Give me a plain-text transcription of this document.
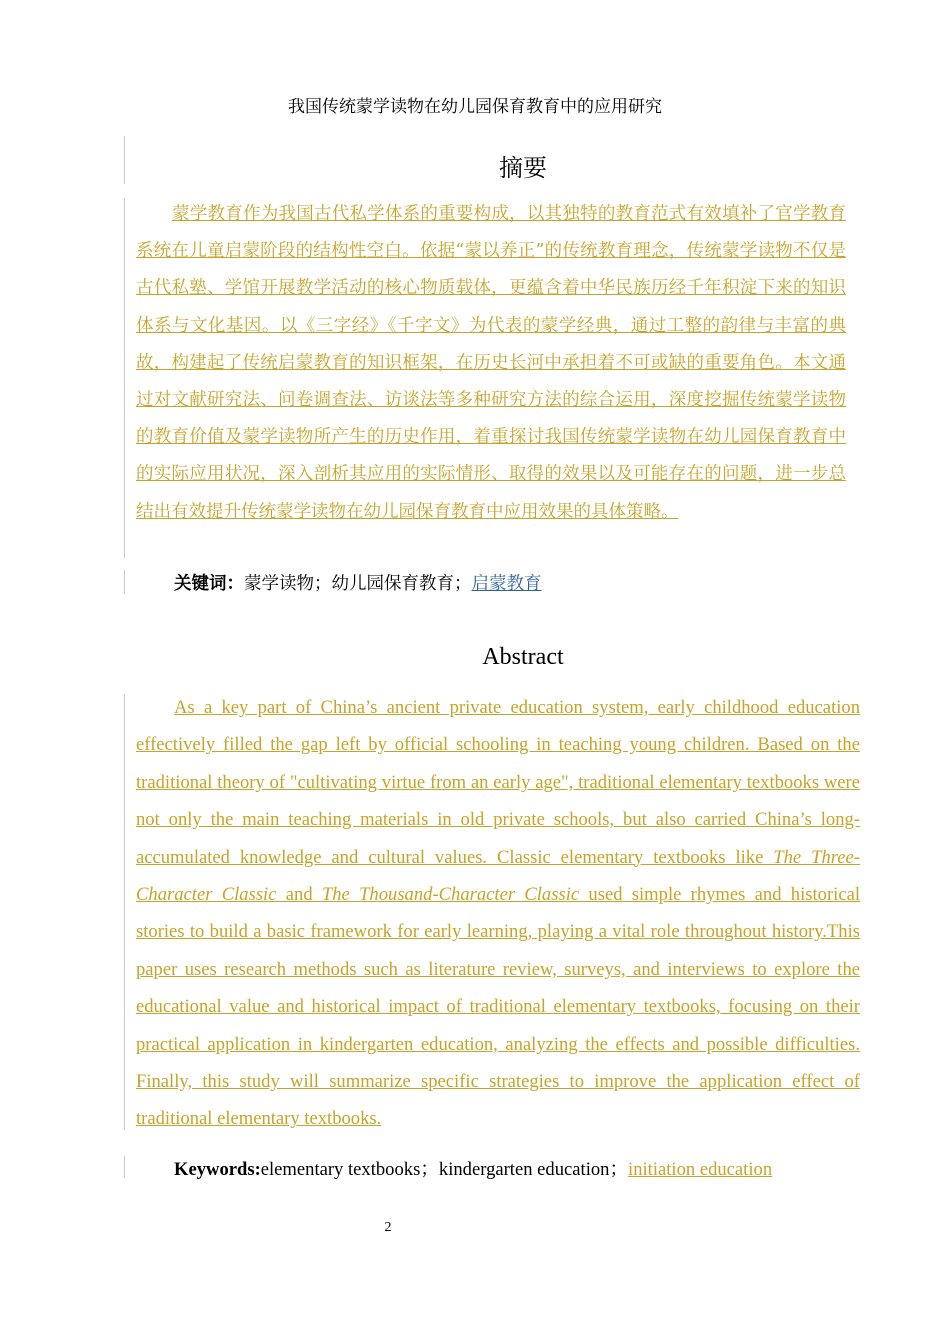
我国传统蒙学读物在幼儿园保育教育中的应用研究
摘要

蒙学教育作为我国古代私学体系的重要构成，以其独特的教育范式有效填补了官学教育系统在儿童启蒙阶段的结构性空白。依据“蒙以养正”的传统教育理念，传统蒙学读物不仅是古代私塾、学馆开展教学活动的核心物质载体，更蕴含着中华民族历经千年积淀下来的知识体系与文化基因。以《三字经》《千字文》为代表的蒙学经典，通过工整的韵律与丰富的典故，构建起了传统启蒙教育的知识框架，在历史长河中承担着不可或缺的重要角色。本文通过对文献研究法、问卷调查法、访谈法等多种研究方法的综合运用，深度挖掘传统蒙学读物的教育价值及蒙学读物所产生的历史作用，着重探讨我国传统蒙学读物在幼儿园保育教育中的实际应用状况，深入剖析其应用的实际情形、取得的效果以及可能存在的问题，进一步总结出有效提升传统蒙学读物在幼儿园保育教育中应用效果的具体策略。

关键词：蒙学读物；幼儿园保育教育；启蒙教育
Abstract

As a key part of China’s ancient private education system, early childhood education effectively filled the gap left by official schooling in teaching young children. Based on the traditional theory of "cultivating virtue from an early age", traditional elementary textbooks were not only the main teaching materials in old private schools, but also carried China’s long-accumulated knowledge and cultural values. Classic elementary textbooks like The Three-Character Classic and The Thousand-Character Classic used simple rhymes and historical stories to build a basic framework for early learning, playing a vital role throughout history.This paper uses research methods such as literature review, surveys, and interviews to explore the educational value and historical impact of traditional elementary textbooks, focusing on their practical application in kindergarten education, analyzing the effects and possible difficulties. Finally, this study will summarize specific strategies to improve the application effect of traditional elementary textbooks.

Keywords:elementary textbooks；kindergarten education；initiation education
2
